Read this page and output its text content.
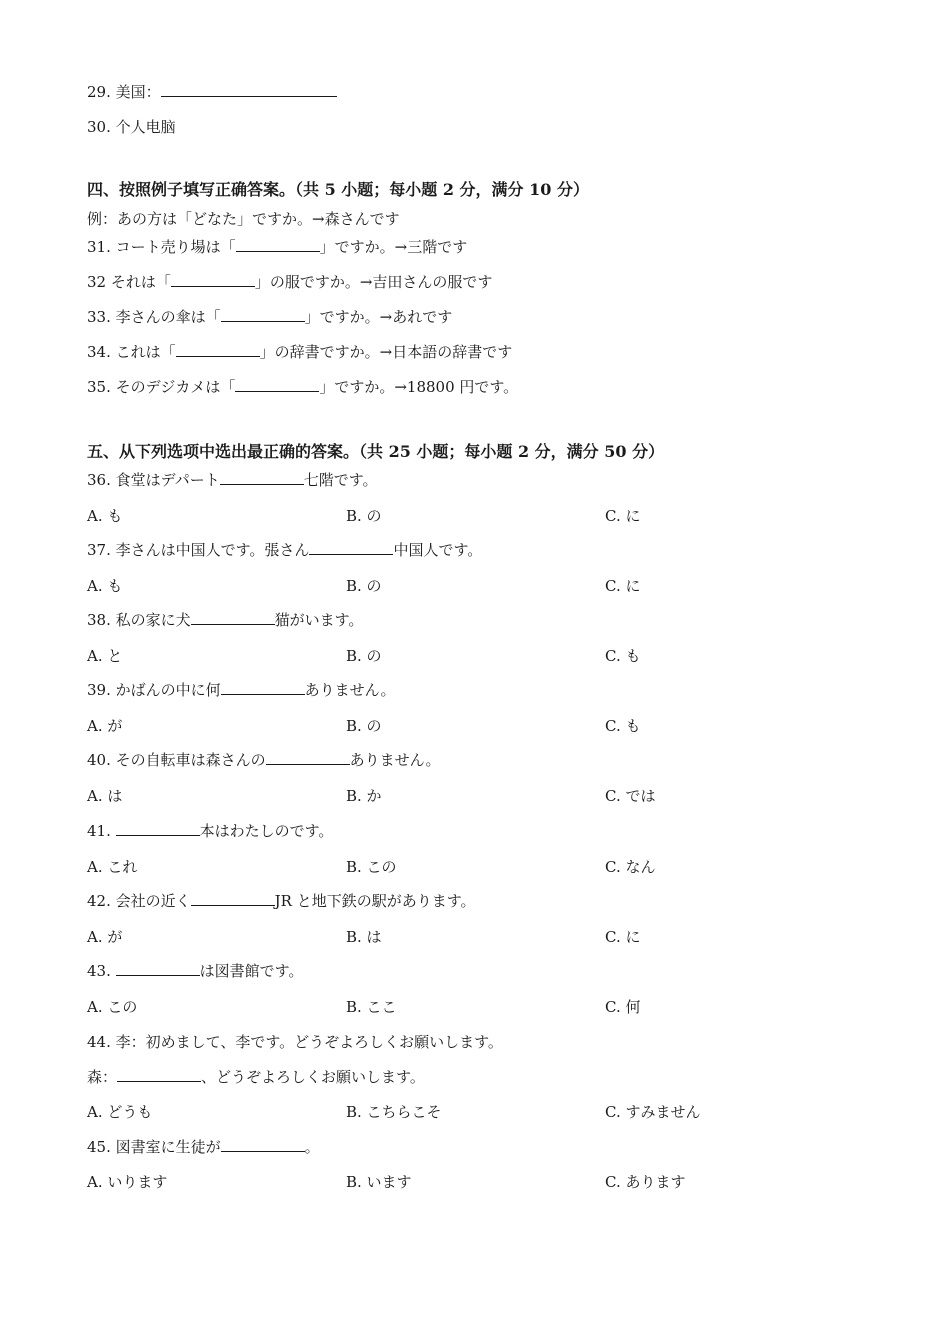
29. 美国：
30. 个人电脑
四、按照例子填写正确答案。（共 5 小题；每小题 2 分，满分 10 分）
例：あの方は「どなた」ですか。→森さんです
31. コート売り場は「	」ですか。→三階です
32 それは「	」の服ですか。→吉田さんの服です
33. 李さんの傘は「	」ですか。→あれです
34. これは「	」の辞書ですか。→日本語の辞書です
35. そのデジカメは「	」ですか。→18800 円です。
五、从下列选项中选出最正确的答案。（共 25 小题；每小题 2 分，满分 50 分）
36. 食堂はデパート	七階です。
A. も	B. の	C. に
37. 李さんは中国人です。張さん	中国人です。
A. も	B. の	C. に
38. 私の家に犬	猫がいます。
A. と	B. の	C. も
39. かばんの中に何	ありません。
A. が	B. の	C. も
40. その自転車は森さんの	ありません。
A. は	B. か	C. では
41.	本はわたしのです。
A. これ	B. この	C. なん
42. 会社の近く	JR と地下鉄の駅があります。
A. が	B. は	C. に
43.	は図書館です。
A. この	B. ここ	C. 何
44. 李：初めまして、李です。どうぞよろしくお願いします。
森：	、どうぞよろしくお願いします。
A. どうも	B. こちらこそ	C. すみません
45. 図書室に生徒が	。
A. いります	B. います	C. あります
